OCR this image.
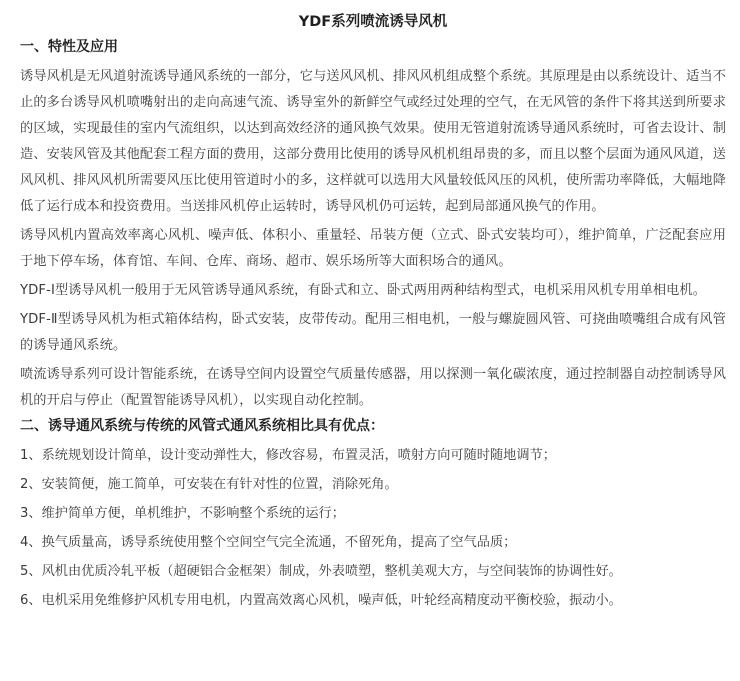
YDF系列喷流诱导风机
一、特性及应用

诱导风机是无风道射流诱导通风系统的一部分，它与送风风机、排风风机组成整个系统。其原理是由以系统设计、适当不止的多台诱导风机喷嘴射出的走向高速气流、诱导室外的新鲜空气或经过处理的空气，在无风管的条件下将其送到所要求的区域，实现最佳的室内气流组织，以达到高效经济的通风换气效果。使用无管道射流诱导通风系统时，可省去设计、制造、安装风管及其他配套工程方面的费用，这部分费用比使用的诱导风机机组昂贵的多，而且以整个层面为通风风道，送风风机、排风风机所需要风压比使用管道时小的多，这样就可以选用大风量较低风压的风机，使所需功率降低，大幅地降低了运行成本和投资费用。当送排风机停止运转时，诱导风机仍可运转，起到局部通风换气的作用。

诱导风机内置高效率离心风机、噪声低、体积小、重量轻、吊装方便（立式、卧式安装均可），维护简单，广泛配套应用于地下停车场，体育馆、车间、仓库、商场、超市、娱乐场所等大面积场合的通风。

YDF-Ⅰ型诱导风机一般用于无风管诱导通风系统，有卧式和立、卧式两用两种结构型式，电机采用风机专用单相电机。

YDF-Ⅱ型诱导风机为柜式箱体结构，卧式安装，皮带传动。配用三相电机，一般与螺旋圆风管、可挠曲喷嘴组合成有风管的诱导通风系统。

喷流诱导系列可设计智能系统，在诱导空间内设置空气质量传感器，用以探测一氧化碳浓度，通过控制器自动控制诱导风机的开启与停止（配置智能诱导风机），以实现自动化控制。

二、诱导通风系统与传统的风管式通风系统相比具有优点：
1、系统规划设计简单，设计变动弹性大，修改容易，布置灵活，喷射方向可随时随地调节；
2、安装简便，施工简单，可安装在有针对性的位置，消除死角。
3、维护简单方便，单机维护，不影响整个系统的运行；
4、换气质量高，诱导系统使用整个空间空气完全流通，不留死角，提高了空气品质；
5、风机由优质冷轧平板（超硬铝合金框架）制成，外表喷塑，整机美观大方，与空间装饰的协调性好。
6、电机采用免维修护风机专用电机，内置高效离心风机，噪声低，叶轮经高精度动平衡校验，振动小。
